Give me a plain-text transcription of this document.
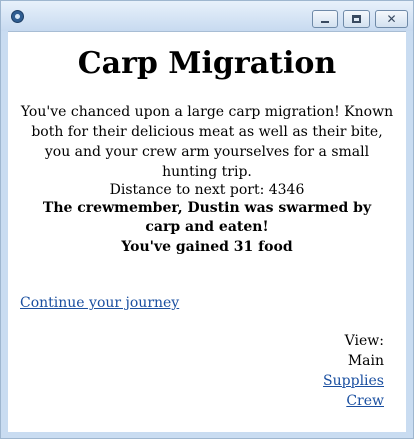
✕
Carp Migration
You've chanced upon a large carp migration! Known both for their delicious meat as well as their bite, you and your crew arm yourselves for a small hunting trip.
Distance to next port: 4346
The crewmember, Dustin was swarmed by carp and eaten!
You've gained 31 food
Continue your journey
View:
Main
Supplies
Crew
